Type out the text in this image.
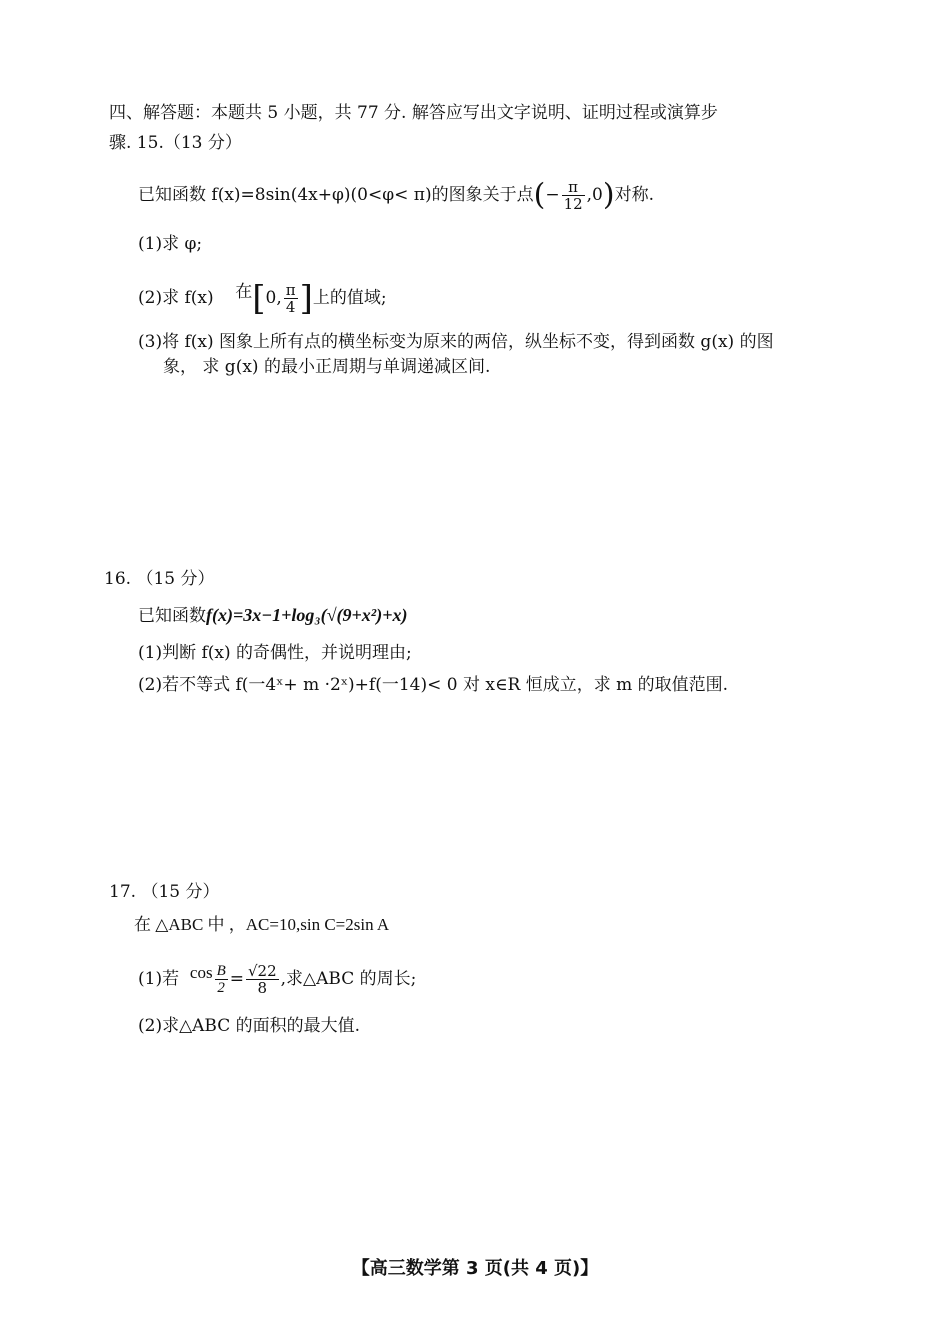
四、解答题：本题共 5 小题，共 77 分. 解答应写出文字说明、证明过程或演算步
骤. 15.（13 分）
已知函数 f(x)=8sin(4x+φ)(0<φ< π)的图象关于点(− $\frac{\pi}{12} ,0$)对称.
(1)求 φ;
(2)求 f(x) 在[0, $\frac{\pi}{4}$ ]上的值域;
(3)将 f(x) 图象上所有点的横坐标变为原来的两倍，纵坐标不变，得到函数 g(x) 的图
象， 求 g(x) 的最小正周期与单调递减区间.
16. （15 分）
已知函数f(x)=3x−1+log₃(√(9+x²)+x)
(1)判断 f(x) 的奇偶性，并说明理由;
(2)若不等式 f(一4ˣ+ m ·2ˣ)+f(一14)< 0 对 x∈R 恒成立，求 m 的取值范围.
17. （15 分）
在 △ABC 中 ，AC=10,sin C=2sin A
(1)若 $\cos \frac{B}{2} = \frac{√22}{8}$ ,求△ABC 的周长;
(2)求△ABC 的面积的最大值.
【高三数学第 3 页(共 4 页)】
